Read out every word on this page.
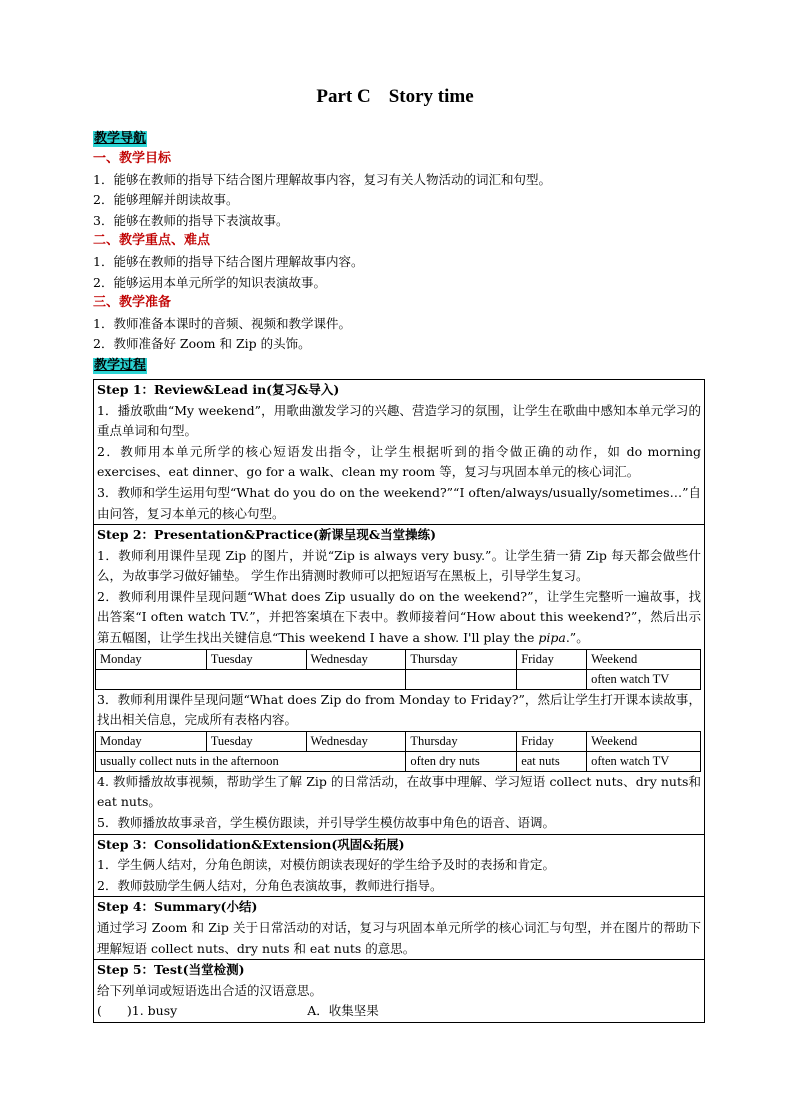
Part C Story time
教学导航
一、教学目标
1．能够在教师的指导下结合图片理解故事内容，复习有关人物活动的词汇和句型。
2．能够理解并朗读故事。
3．能够在教师的指导下表演故事。
二、教学重点、难点
1．能够在教师的指导下结合图片理解故事内容。
2．能够运用本单元所学的知识表演故事。
三、教学准备
1．教师准备本课时的音频、视频和教学课件。
2．教师准备好 Zoom 和 Zip 的头饰。
教学过程
Step 1：Review&Lead in(复习&导入)
1．播放歌曲“My weekend”，用歌曲激发学习的兴趣、营造学习的氛围，让学生在歌曲中感知本单元学习的重点单词和句型。
2．教师用本单元所学的核心短语发出指令，让学生根据听到的指令做正确的动作，如 do morning exercises、eat dinner、go for a walk、clean my room 等，复习与巩固本单元的核心词汇。
3．教师和学生运用句型“What do you do on the weekend?”“I often/always/usually/sometimes…”自由问答，复习本单元的核心句型。
Step 2：Presentation&Practice(新课呈现&当堂操练)
1．教师利用课件呈现 Zip 的图片，并说“Zip is always very busy.”。让学生猜一猜 Zip 每天都会做些什么，为故事学习做好铺垫。 学生作出猜测时教师可以把短语写在黑板上，引导学生复习。
2．教师利用课件呈现问题“What does Zip usually do on the weekend?”，让学生完整听一遍故事，找出答案“I often watch TV.”，并把答案填在下表中。教师接着问“How about this weekend?”，然后出示第五幅图，让学生找出关键信息“This weekend I have a show. I'll play the pipa.”。
Monday	Tuesday	Wednesday	Thursday	Friday	Weekend
					often watch TV
3．教师利用课件呈现问题“What does Zip do from Monday to Friday?”，然后让学生打开课本读故事，找出相关信息，完成所有表格内容。
Monday	Tuesday	Wednesday	Thursday	Friday	Weekend
usually collect nuts in the afternoon			often dry nuts	eat nuts	often watch TV
4. 教师播放故事视频，帮助学生了解 Zip 的日常活动，在故事中理解、学习短语 collect nuts、dry nuts和 eat nuts。
5．教师播放故事录音，学生模仿跟读，并引导学生模仿故事中角色的语音、语调。
Step 3：Consolidation&Extension(巩固&拓展)
1．学生俩人结对，分角色朗读，对模仿朗读表现好的学生给予及时的表扬和肯定。
2．教师鼓励学生俩人结对，分角色表演故事，教师进行指导。
Step 4：Summary(小结)
通过学习 Zoom 和 Zip 关于日常活动的对话，复习与巩固本单元所学的核心词汇与句型，并在图片的帮助下理解短语 collect nuts、dry nuts 和 eat nuts 的意思。
Step 5：Test(当堂检测)
给下列单词或短语选出合适的汉语意思。
(　　)1. busy	A．收集坚果
